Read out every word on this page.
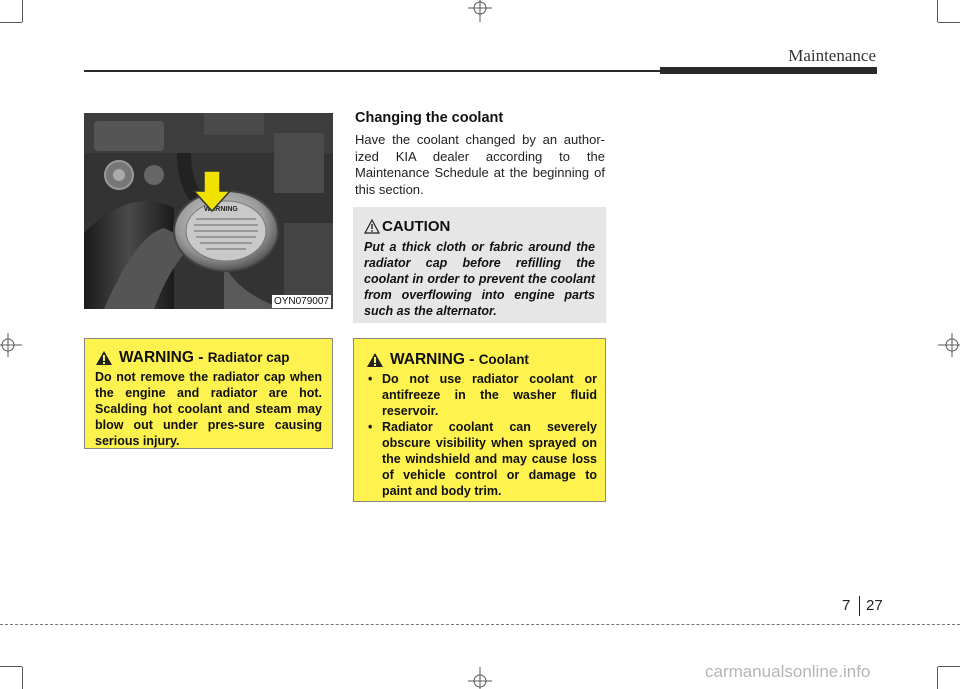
Maintenance
WARNING
OYN079007
Changing the coolant
Have the coolant changed by an author-ized KIA dealer according to the Maintenance Schedule at the beginning of this section.
CAUTION
Put a thick cloth or fabric around the radiator cap before refilling the coolant in order to prevent the coolant from overflowing into engine parts such as the alternator.
WARNING - Radiator cap
Do not remove the radiator cap when the engine and radiator are hot. Scalding hot coolant and steam may blow out under pres-sure causing serious injury.
WARNING - Coolant
• Do not use radiator coolant or antifreeze in the washer fluid reservoir.
• Radiator coolant can severely obscure visibility when sprayed on the windshield and may cause loss of vehicle control or damage to paint and body trim.
7 27
carmanualsonline.info
